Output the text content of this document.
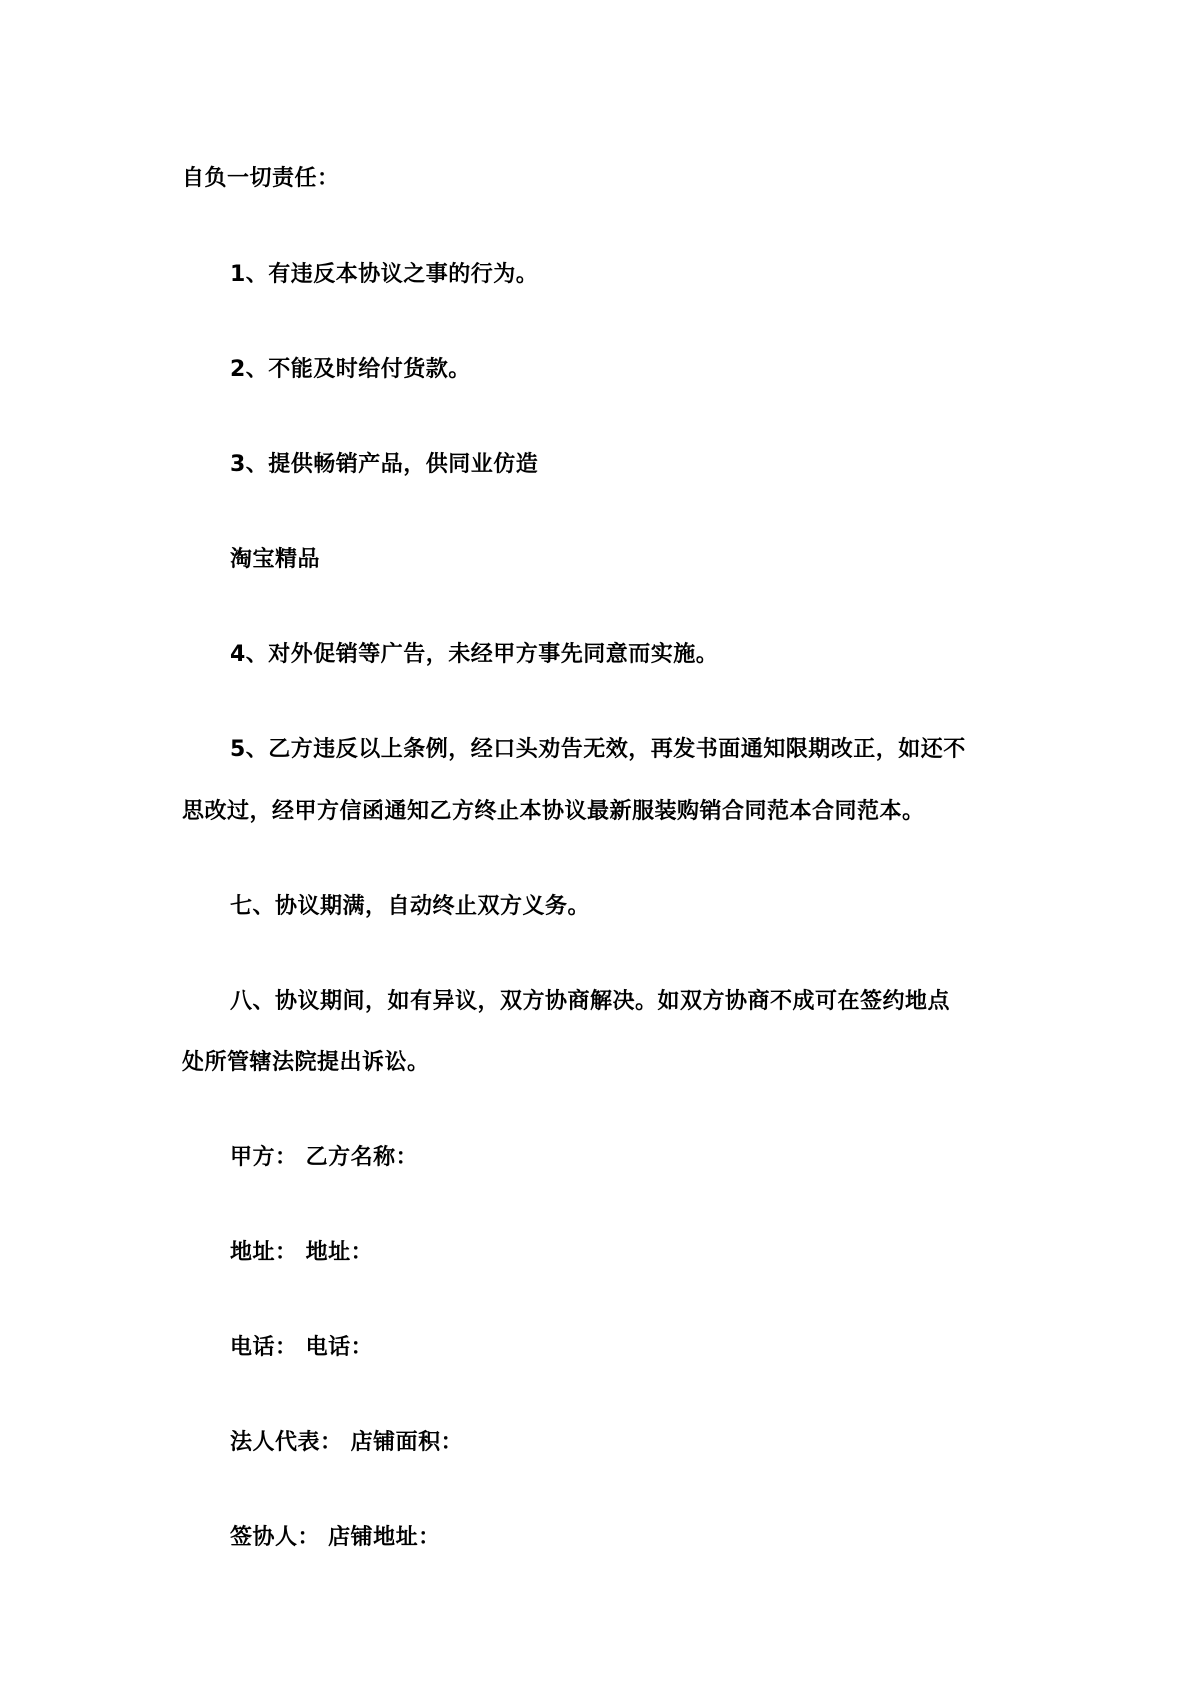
自负一切责任：
1、有违反本协议之事的行为。
2、不能及时给付货款。
3、提供畅销产品，供同业仿造
淘宝精品
4、对外促销等广告，未经甲方事先同意而实施。
5、乙方违反以上条例，经口头劝告无效，再发书面通知限期改正，如还不
思改过，经甲方信函通知乙方终止本协议最新服装购销合同范本合同范本。
七、协议期满，自动终止双方义务。
八、协议期间，如有异议，双方协商解决。如双方协商不成可在签约地点
处所管辖法院提出诉讼。
甲方： 乙方名称：
地址： 地址：
电话： 电话：
法人代表： 店铺面积：
签协人： 店铺地址：
